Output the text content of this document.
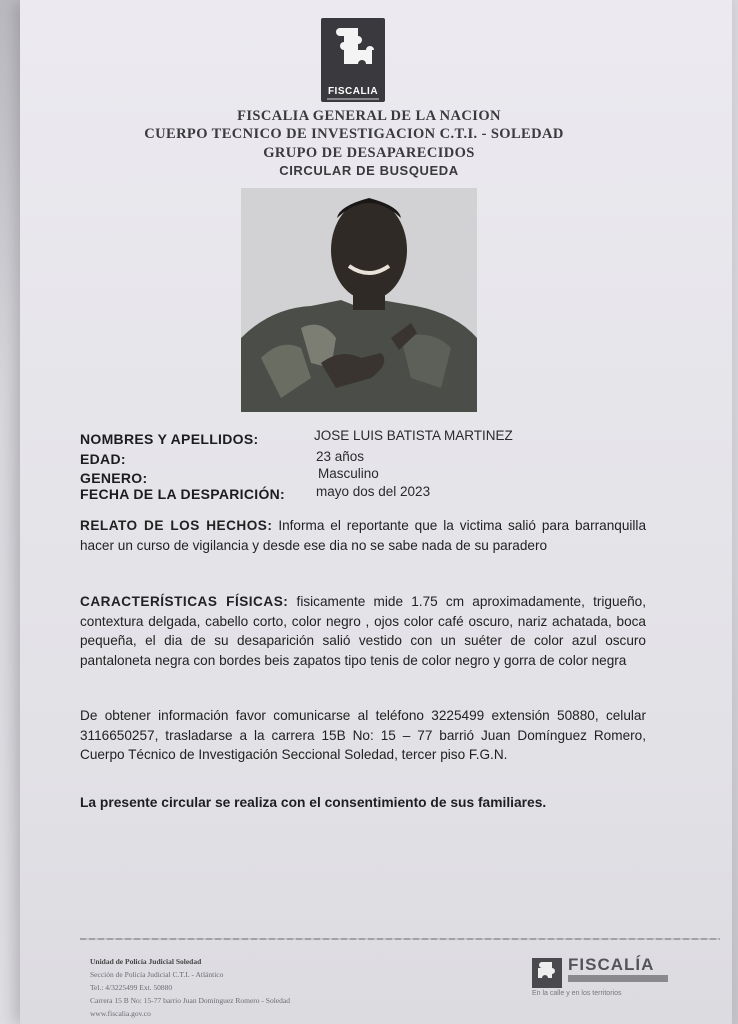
FISCALIA
FISCALIA GENERAL DE LA NACION
CUERPO TECNICO DE INVESTIGACION C.T.I. - SOLEDAD
GRUPO DE DESAPARECIDOS
CIRCULAR DE BUSQUEDA
NOMBRES Y APELLIDOS:	JOSE LUIS BATISTA MARTINEZ
EDAD:	23 años
GENERO:	Masculino
FECHA DE LA DESPARICIÓN: mayo dos del 2023
RELATO DE LOS HECHOS: Informa el reportante que la victima salió para barranquilla hacer un curso de vigilancia y desde ese dia no se sabe nada de su paradero
CARACTERÍSTICAS FÍSICAS: fisicamente mide 1.75 cm aproximadamente, trigueño, contextura delgada, cabello corto, color negro , ojos color café oscuro, nariz achatada, boca pequeña, el dia de su desaparición salió vestido con un suéter de color azul oscuro pantaloneta negra con bordes beis zapatos tipo tenis de color negro y gorra de color negra
De obtener información favor comunicarse al teléfono 3225499 extensión 50880, celular 3116650257, trasladarse a la carrera 15B No: 15 – 77 barrió Juan Domínguez Romero, Cuerpo Técnico de Investigación Seccional Soledad, tercer piso F.G.N.
La presente circular se realiza con el consentimiento de sus familiares.
Unidad de Policía Judicial Soledad
Sección de Policía Judicial C.T.I. - Atlántico
Tel.: 4/3225499 Ext. 50880
Carrera 15 B No: 15-77 barrio Juan Domínguez Romero - Soledad
www.fiscalia.gov.co
FISCALÍA
En la calle y en los territorios
